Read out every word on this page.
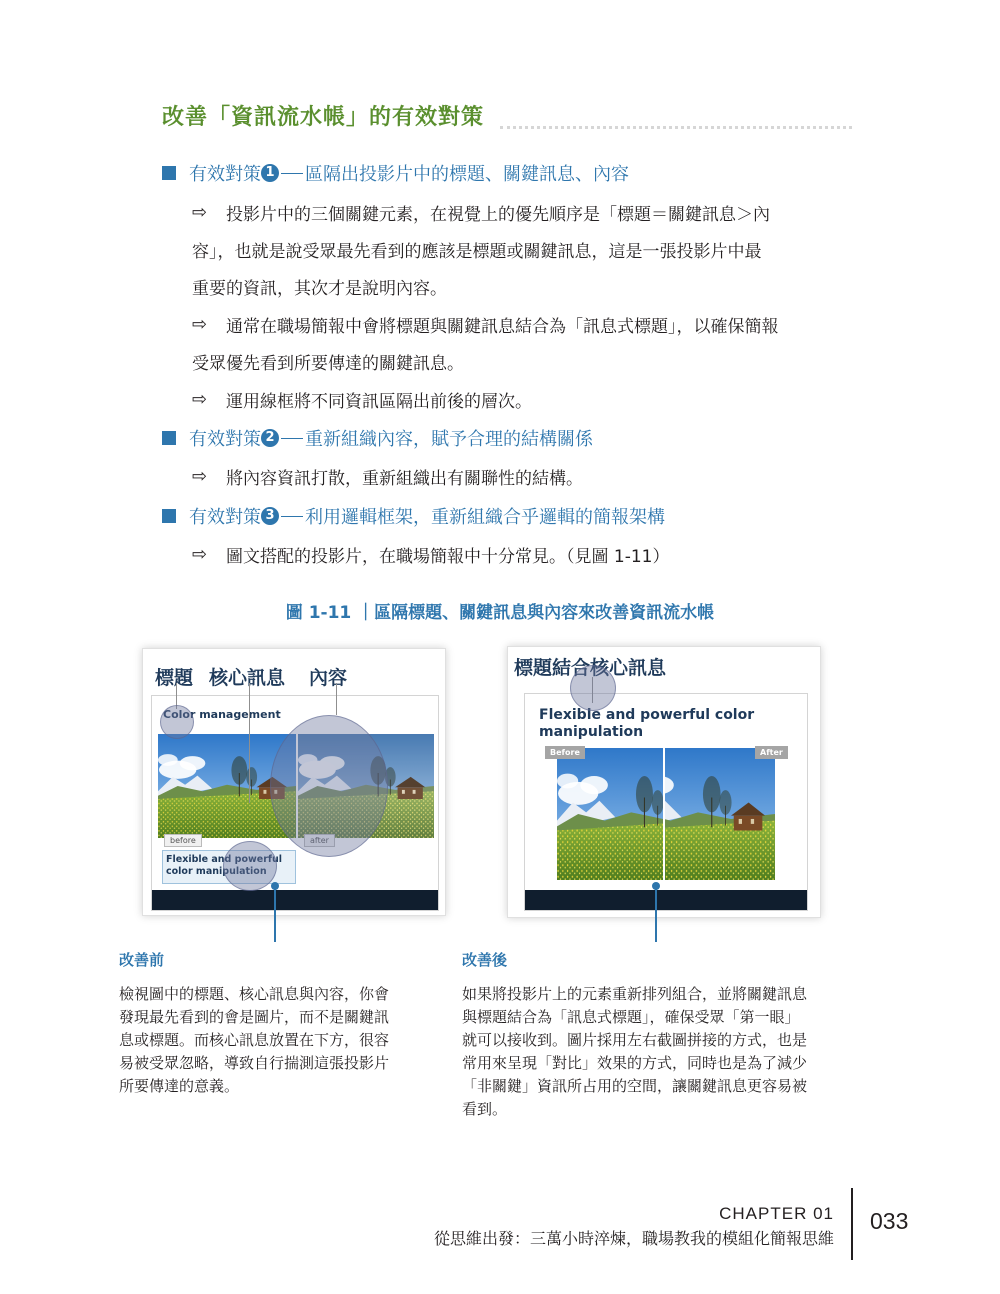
改善「資訊流水帳」的有效對策
有效對策 1 區隔出投影片中的標題、關鍵訊息、內容
⇨	投影片中的三個關鍵元素，在視覺上的優先順序是「標題＝關鍵訊息＞內
容」，也就是說受眾最先看到的應該是標題或關鍵訊息，這是一張投影片中最
重要的資訊，其次才是說明內容。
⇨	通常在職場簡報中會將標題與關鍵訊息結合為「訊息式標題」，以確保簡報
受眾優先看到所要傳達的關鍵訊息。
⇨	運用線框將不同資訊區隔出前後的層次。
有效對策 2 重新組織內容，賦予合理的結構關係
⇨	將內容資訊打散，重新組織出有關聯性的結構。
有效對策 3 利用邏輯框架，重新組織合乎邏輯的簡報架構
⇨	圖文搭配的投影片，在職場簡報中十分常見。（見圖 1-11）
圖 1-11 ｜區隔標題、關鍵訊息與內容來改善資訊流水帳
標題 核心訊息 內容
Color management
before	after
Flexible and powerful
color manipulation
標題結合核心訊息
Flexible and powerful color
manipulation
Before	After
改善前
檢視圖中的標題、核心訊息與內容，你會
發現最先看到的會是圖片，而不是關鍵訊
息或標題。而核心訊息放置在下方，很容
易被受眾忽略，導致自行揣測這張投影片
所要傳達的意義。
改善後
如果將投影片上的元素重新排列組合，並將關鍵訊息
與標題結合為「訊息式標題」，確保受眾「第一眼」
就可以接收到。圖片採用左右截圖拼接的方式，也是
常用來呈現「對比」效果的方式，同時也是為了減少
「非關鍵」資訊所占用的空間，讓關鍵訊息更容易被
看到。
CHAPTER 01
從思維出發：三萬小時淬煉，職場教我的模組化簡報思維
033
